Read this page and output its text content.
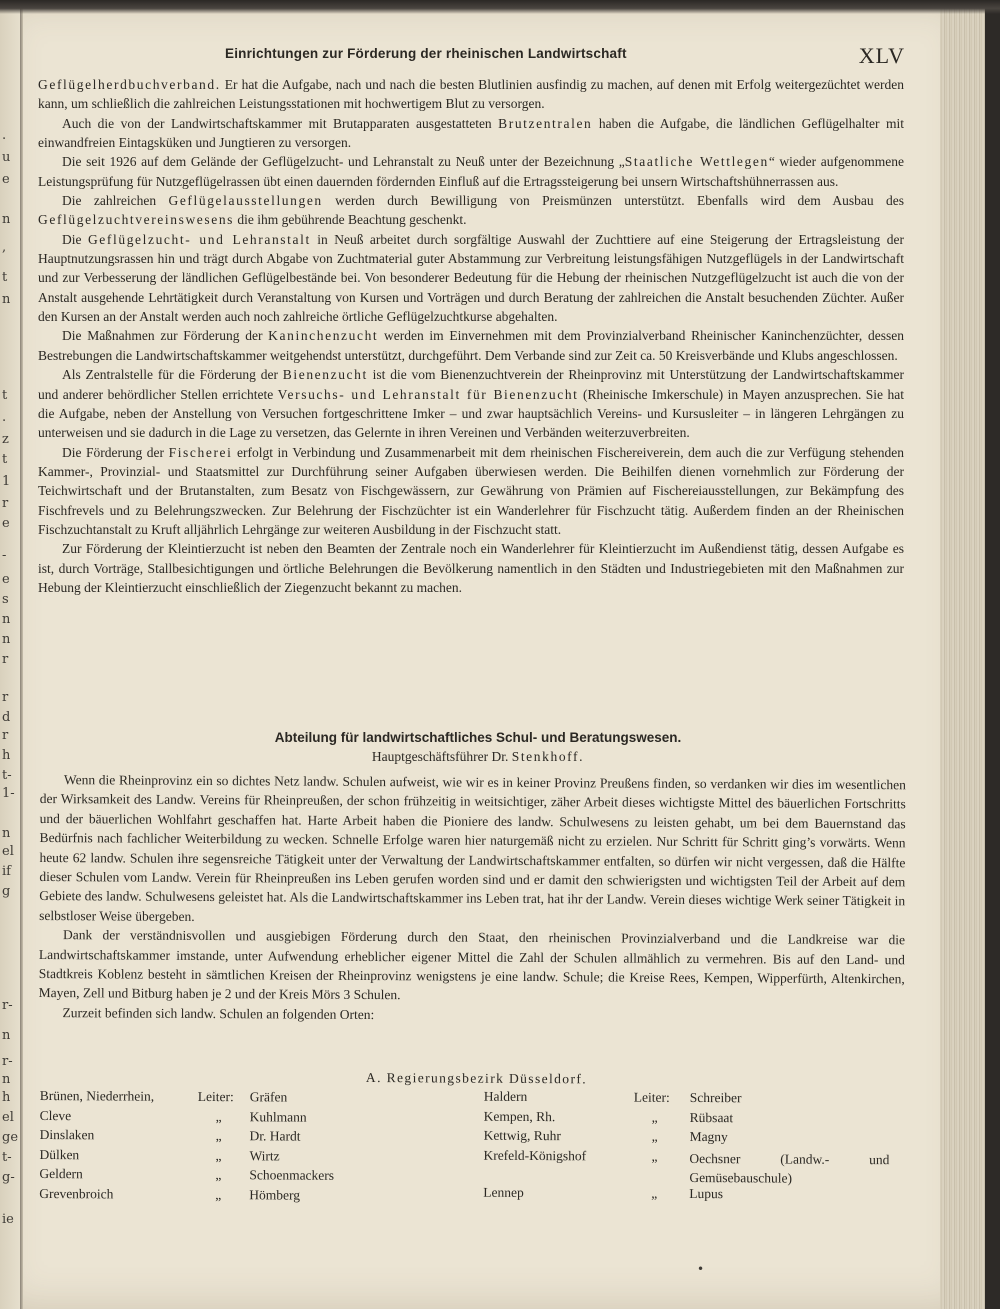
.
u
e
n
,
t
n
t
.
z
t
1
r
e
-
e
s
n
n
r
r
d
r
h
t-
1-
n
el
if
g
r-
n
r-
n
h
el
ge
t-
g-
ie
Einrichtungen zur Förderung der rheinischen Landwirtschaft	XLV

Geflügelherdbuchverband. Er hat die Aufgabe, nach und nach die besten Blutlinien ausfindig zu machen, auf denen mit Erfolg weitergezüchtet werden kann, um schließlich die zahlreichen Leistungsstationen mit hochwertigem Blut zu versorgen.

Auch die von der Landwirtschaftskammer mit Brutapparaten ausgestatteten Brutzentralen haben die Aufgabe, die ländlichen Geflügelhalter mit einwandfreien Eintagsküken und Jungtieren zu versorgen.

Die seit 1926 auf dem Gelände der Geflügelzucht- und Lehranstalt zu Neuß unter der Bezeichnung „Staatliche Wettlegen“ wieder aufgenommene Leistungsprüfung für Nutzgeflügelrassen übt einen dauernden fördernden Einfluß auf die Ertragssteigerung bei unsern Wirtschaftshühnerrassen aus.

Die zahlreichen Geflügelausstellungen werden durch Bewilligung von Preismünzen unterstützt. Ebenfalls wird dem Ausbau des Geflügelzuchtvereinswesens die ihm gebührende Beachtung geschenkt.

Die Geflügelzucht- und Lehranstalt in Neuß arbeitet durch sorgfältige Auswahl der Zuchttiere auf eine Steigerung der Ertragsleistung der Hauptnutzungsrassen hin und trägt durch Abgabe von Zuchtmaterial guter Abstammung zur Verbreitung leistungsfähigen Nutzgeflügels in der Landwirtschaft und zur Verbesserung der ländlichen Geflügelbestände bei. Von besonderer Bedeutung für die Hebung der rheinischen Nutzgeflügelzucht ist auch die von der Anstalt ausgehende Lehrtätigkeit durch Veranstaltung von Kursen und Vorträgen und durch Beratung der zahlreichen die Anstalt besuchenden Züchter. Außer den Kursen an der Anstalt werden auch noch zahlreiche örtliche Geflügelzuchtkurse abgehalten.

Die Maßnahmen zur Förderung der Kaninchenzucht werden im Einvernehmen mit dem Provinzialverband Rheinischer Kaninchenzüchter, dessen Bestrebungen die Landwirtschaftskammer weitgehendst unterstützt, durchgeführt. Dem Verbande sind zur Zeit ca. 50 Kreisverbände und Klubs angeschlossen.

Als Zentralstelle für die Förderung der Bienenzucht ist die vom Bienenzuchtverein der Rheinprovinz mit Unterstützung der Landwirtschaftskammer und anderer behördlicher Stellen errichtete Versuchs- und Lehranstalt für Bienenzucht (Rheinische Imkerschule) in Mayen anzusprechen. Sie hat die Aufgabe, neben der Anstellung von Versuchen fortgeschrittene Imker – und zwar hauptsächlich Vereins- und Kursusleiter – in längeren Lehrgängen zu unterweisen und sie dadurch in die Lage zu versetzen, das Gelernte in ihren Vereinen und Verbänden weiterzuverbreiten.

Die Förderung der Fischerei erfolgt in Verbindung und Zusammenarbeit mit dem rheinischen Fischereiverein, dem auch die zur Verfügung stehenden Kammer-, Provinzial- und Staatsmittel zur Durchführung seiner Aufgaben überwiesen werden. Die Beihilfen dienen vornehmlich zur Förderung der Teichwirtschaft und der Brutanstalten, zum Besatz von Fischgewässern, zur Gewährung von Prämien auf Fischereiausstellungen, zur Bekämpfung des Fischfrevels und zu Belehrungszwecken. Zur Belehrung der Fischzüchter ist ein Wanderlehrer für Fischzucht tätig. Außerdem finden an der Rheinischen Fischzuchtanstalt zu Kruft alljährlich Lehrgänge zur weiteren Ausbildung in der Fischzucht statt.

Zur Förderung der Kleintierzucht ist neben den Beamten der Zentrale noch ein Wanderlehrer für Kleintierzucht im Außendienst tätig, dessen Aufgabe es ist, durch Vorträge, Stallbesichtigungen und örtliche Belehrungen die Bevölkerung namentlich in den Städten und Industriegebieten mit den Maßnahmen zur Hebung der Kleintierzucht einschließlich der Ziegenzucht bekannt zu machen.

Abteilung für landwirtschaftliches Schul- und Beratungswesen.
Hauptgeschäftsführer Dr. Stenkhoff.

Wenn die Rheinprovinz ein so dichtes Netz landw. Schulen aufweist, wie wir es in keiner Provinz Preußens finden, so verdanken wir dies im wesentlichen der Wirksamkeit des Landw. Vereins für Rheinpreußen, der schon frühzeitig in weitsichtiger, zäher Arbeit dieses wichtigste Mittel des bäuerlichen Fortschritts und der bäuerlichen Wohlfahrt geschaffen hat. Harte Arbeit haben die Pioniere des landw. Schulwesens zu leisten gehabt, um bei dem Bauernstand das Bedürfnis nach fachlicher Weiterbildung zu wecken. Schnelle Erfolge waren hier naturgemäß nicht zu erzielen. Nur Schritt für Schritt ging’s vorwärts. Wenn heute 62 landw. Schulen ihre segensreiche Tätigkeit unter der Verwaltung der Landwirtschaftskammer entfalten, so dürfen wir nicht vergessen, daß die Hälfte dieser Schulen vom Landw. Verein für Rheinpreußen ins Leben gerufen worden sind und er damit den schwierigsten und wichtigsten Teil der Arbeit auf dem Gebiete des landw. Schulwesens geleistet hat. Als die Landwirtschaftskammer ins Leben trat, hat ihr der Landw. Verein dieses wichtige Werk seiner Tätigkeit in selbstloser Weise übergeben.

Dank der verständnisvollen und ausgiebigen Förderung durch den Staat, den rheinischen Provinzialverband und die Landkreise war die Landwirtschaftskammer imstande, unter Aufwendung erheblicher eigener Mittel die Zahl der Schulen allmählich zu vermehren. Bis auf den Land- und Stadtkreis Koblenz besteht in sämtlichen Kreisen der Rheinprovinz wenigstens je eine landw. Schule; die Kreise Rees, Kempen, Wipperfürth, Altenkirchen, Mayen, Zell und Bitburg haben je 2 und der Kreis Mörs 3 Schulen.

Zurzeit befinden sich landw. Schulen an folgenden Orten:

A. Regierungsbezirk Düsseldorf.
Brünen, Niederrhein,	Leiter: Gräfen
Cleve	„ Kuhlmann
Dinslaken	„ Dr. Hardt
Dülken	„ Wirtz
Geldern	„ Schoenmackers
Grevenbroich	„ Hömberg
Haldern	Leiter: Schreiber
Kempen, Rh.	„ Rübsaat
Kettwig, Ruhr	„ Magny
Krefeld-Königshof	„ Oechsner (Landw.- und Gemüsebauschule)
Lennep	„ Lupus
•
